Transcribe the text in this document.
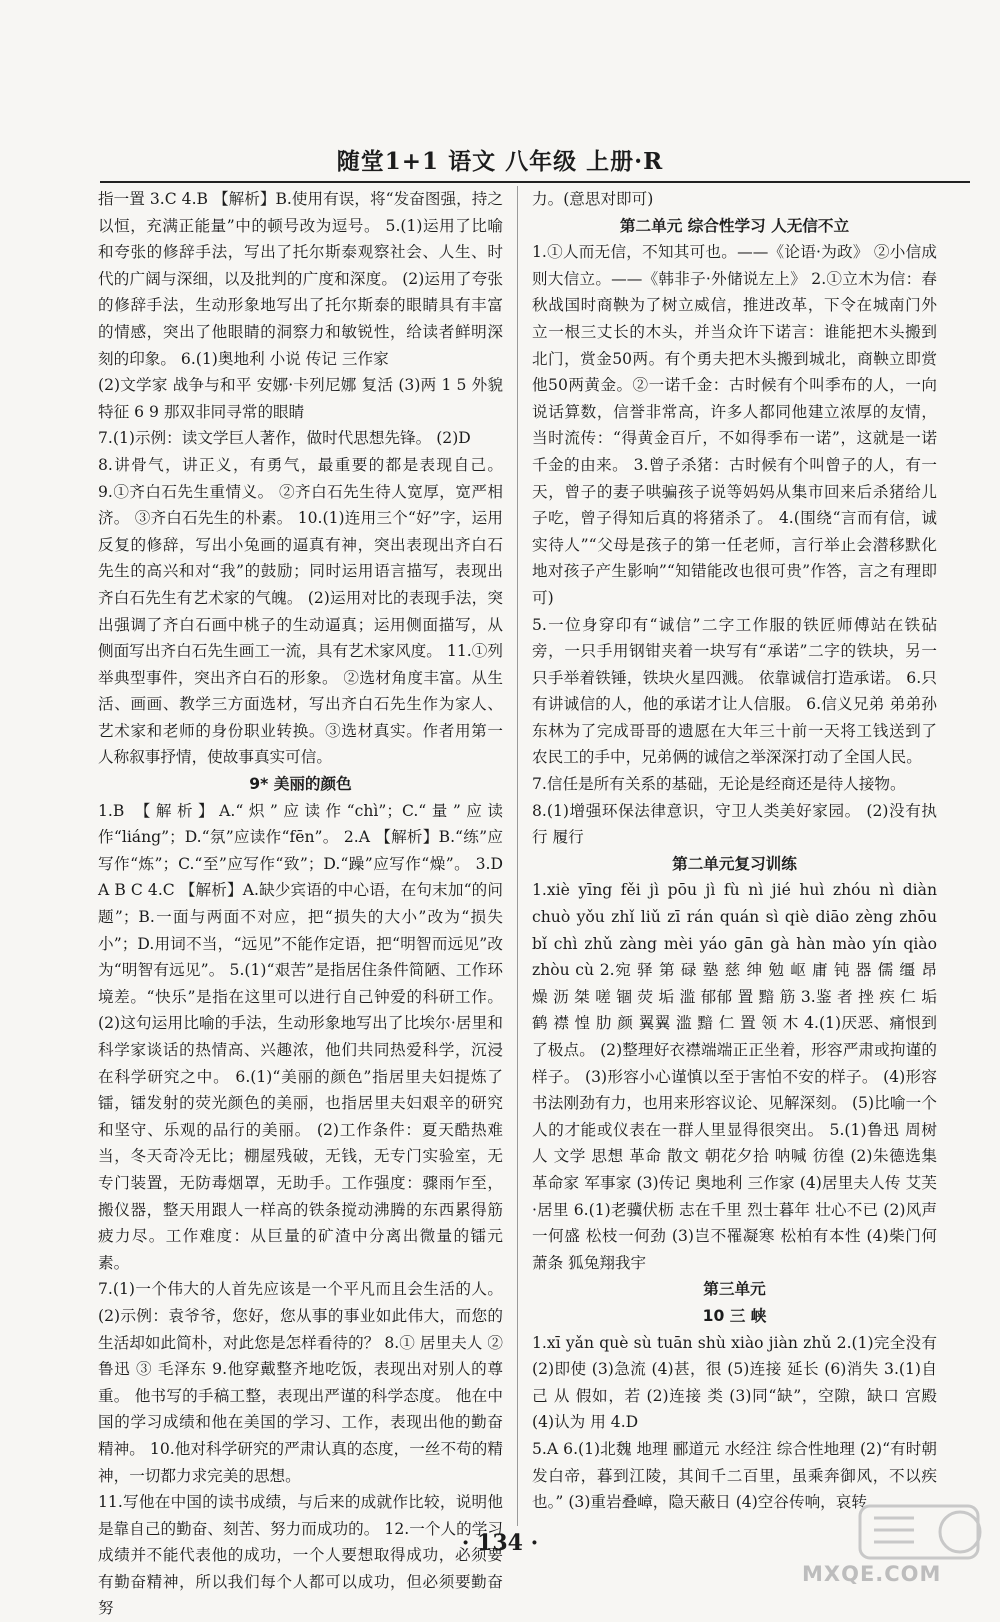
随堂1+1 语文 八年级 上册·R

指一置 3.C 4.B 【解析】B.使用有误，将“发奋图强，持之以恒，充满正能量”中的顿号改为逗号。 5.(1)运用了比喻和夸张的修辞手法，写出了托尔斯泰观察社会、人生、时代的广阔与深细，以及批判的广度和深度。 (2)运用了夸张的修辞手法，生动形象地写出了托尔斯泰的眼睛具有丰富的情感，突出了他眼睛的洞察力和敏锐性，给读者鲜明深刻的印象。 6.(1)奥地利 小说 传记 三作家

(2)文学家 战争与和平 安娜·卡列尼娜 复活 (3)两 1 5 外貌特征 6 9 那双非同寻常的眼睛

7.(1)示例：读文学巨人著作，做时代思想先锋。 (2)D

8.讲骨气，讲正义，有勇气，最重要的都是表现自己。 9.①齐白石先生重情义。 ②齐白石先生待人宽厚，宽严相济。 ③齐白石先生的朴素。 10.(1)连用三个“好”字，运用反复的修辞，写出小兔画的逼真有神，突出表现出齐白石先生的高兴和对“我”的鼓励；同时运用语言描写，表现出齐白石先生有艺术家的气魄。 (2)运用对比的表现手法，突出强调了齐白石画中桃子的生动逼真；运用侧面描写，从侧面写出齐白石先生画工一流，具有艺术家风度。 11.①列举典型事件，突出齐白石的形象。 ②选材角度丰富。从生活、画画、教学三方面选材，写出齐白石先生作为家人、艺术家和老师的身份职业转换。③选材真实。作者用第一人称叙事抒情，使故事真实可信。

9* 美丽的颜色

1.B 【解析】A.“炽”应读作“chì”；C.“量”应读作“liáng”；D.“氛”应读作“fēn”。 2.A 【解析】B.“练”应写作“炼”；C.“至”应写作“致”；D.“躁”应写作“燥”。 3.D A B C 4.C 【解析】A.缺少宾语的中心语，在句末加“的问题”；B.一面与两面不对应，把“损失的大小”改为“损失小”；D.用词不当，“远见”不能作定语，把“明智而远见”改为“明智有远见”。 5.(1)“艰苦”是指居住条件简陋、工作环境差。“快乐”是指在这里可以进行自己钟爱的科研工作。 (2)这句运用比喻的手法，生动形象地写出了比埃尔·居里和科学家谈话的热情高、兴趣浓，他们共同热爱科学，沉浸在科学研究之中。 6.(1)“美丽的颜色”指居里夫妇提炼了镭，镭发射的荧光颜色的美丽，也指居里夫妇艰辛的研究和坚守、乐观的品行的美丽。 (2)工作条件：夏天酷热难当，冬天奇冷无比；棚屋残破，无钱，无专门实验室，无专门装置，无防毒烟罩，无助手。工作强度：骤雨乍至，搬仪器，整天用跟人一样高的铁条搅动沸腾的东西累得筋疲力尽。工作难度：从巨量的矿渣中分离出微量的镭元素。

7.(1)一个伟大的人首先应该是一个平凡而且会生活的人。 (2)示例：袁爷爷，您好，您从事的事业如此伟大，而您的生活却如此简朴，对此您是怎样看待的？ 8.① 居里夫人 ② 鲁迅 ③ 毛泽东 9.他穿戴整齐地吃饭，表现出对别人的尊重。 他书写的手稿工整，表现出严谨的科学态度。 他在中国的学习成绩和他在美国的学习、工作，表现出他的勤奋精神。 10.他对科学研究的严肃认真的态度，一丝不苟的精神，一切都力求完美的思想。

11.写他在中国的读书成绩，与后来的成就作比较，说明他是靠自己的勤奋、刻苦、努力而成功的。 12.一个人的学习成绩并不能代表他的成功，一个人要想取得成功，必须要有勤奋精神，所以我们每个人都可以成功，但必须要勤奋努

力。(意思对即可)

第二单元 综合性学习 人无信不立

1.①人而无信，不知其可也。——《论语·为政》 ②小信成则大信立。——《韩非子·外储说左上》 2.①立木为信：春秋战国时商鞅为了树立威信，推进改革，下令在城南门外立一根三丈长的木头，并当众许下诺言：谁能把木头搬到北门，赏金50两。有个勇夫把木头搬到城北，商鞅立即赏他50两黄金。②一诺千金：古时候有个叫季布的人，一向说话算数，信誉非常高，许多人都同他建立浓厚的友情，当时流传：“得黄金百斤，不如得季布一诺”，这就是一诺千金的由来。 3.曾子杀猪：古时候有个叫曾子的人，有一天，曾子的妻子哄骗孩子说等妈妈从集市回来后杀猪给儿子吃，曾子得知后真的将猪杀了。 4.(围绕“言而有信，诚实待人”“父母是孩子的第一任老师，言行举止会潜移默化地对孩子产生影响”“知错能改也很可贵”作答，言之有理即可)

5.一位身穿印有“诚信”二字工作服的铁匠师傅站在铁砧旁，一只手用钢钳夹着一块写有“承诺”二字的铁块，另一只手举着铁锤，铁块火星四溅。 依靠诚信打造承诺。 6.只有讲诚信的人，他的承诺才让人信服。 6.信义兄弟 弟弟孙东林为了完成哥哥的遗愿在大年三十前一天将工钱送到了农民工的手中，兄弟俩的诚信之举深深打动了全国人民。

7.信任是所有关系的基础，无论是经商还是待人接物。

8.(1)增强环保法律意识，守卫人类美好家园。 (2)没有执行 履行

第二单元复习训练

1.xiè yīng fěi jì pōu jì fù nì jié huì zhóu nì diàn chuò yǒu zhǐ liǔ zī rán quán sì qiè diāo zèng zhōu bǐ chì zhǔ zàng mèi yáo gān gà hàn mào yín qiào zhòu cù 2.宛 驿 第 碌 塾 慈 绅 勉 岖 庸 钝 器 儒 缰 昂 燥 沥 桀 嗟 锢 荧 垢 滥 郁郁 置 黯 筋 3.鉴 者 挫 疾 仁 垢 鹤 襟 惶 肋 颜 翼翼 滥 黯 仁 置 领 木 4.(1)厌恶、痛恨到了极点。 (2)整理好衣襟端端正正坐着，形容严肃或拘谨的样子。 (3)形容小心谨慎以至于害怕不安的样子。 (4)形容书法刚劲有力，也用来形容议论、见解深刻。 (5)比喻一个人的才能或仪表在一群人里显得很突出。 5.(1)鲁迅 周树人 文学 思想 革命 散文 朝花夕拾 呐喊 彷徨 (2)朱德选集 革命家 军事家 (3)传记 奥地利 三作家 (4)居里夫人传 艾芙·居里 6.(1)老骥伏枥 志在千里 烈士暮年 壮心不已 (2)风声一何盛 松枝一何劲 (3)岂不罹凝寒 松柏有本性 (4)柴门何萧条 狐兔翔我宇

第三单元

10 三 峡

1.xī yǎn què sù tuān shù xiào jiàn zhǔ 2.(1)完全没有 (2)即使 (3)急流 (4)甚，很 (5)连接 延长 (6)消失 3.(1)自己 从 假如，若 (2)连接 类 (3)同“缺”，空隙，缺口 宫殿 (4)认为 用 4.D

5.A 6.(1)北魏 地理 郦道元 水经注 综合性地理 (2)“有时朝发白帝，暮到江陵，其间千二百里，虽乘奔御风，不以疾也。” (3)重岩叠嶂，隐天蔽日 (4)空谷传响，哀转

· 134 ·
MXQE.COM
